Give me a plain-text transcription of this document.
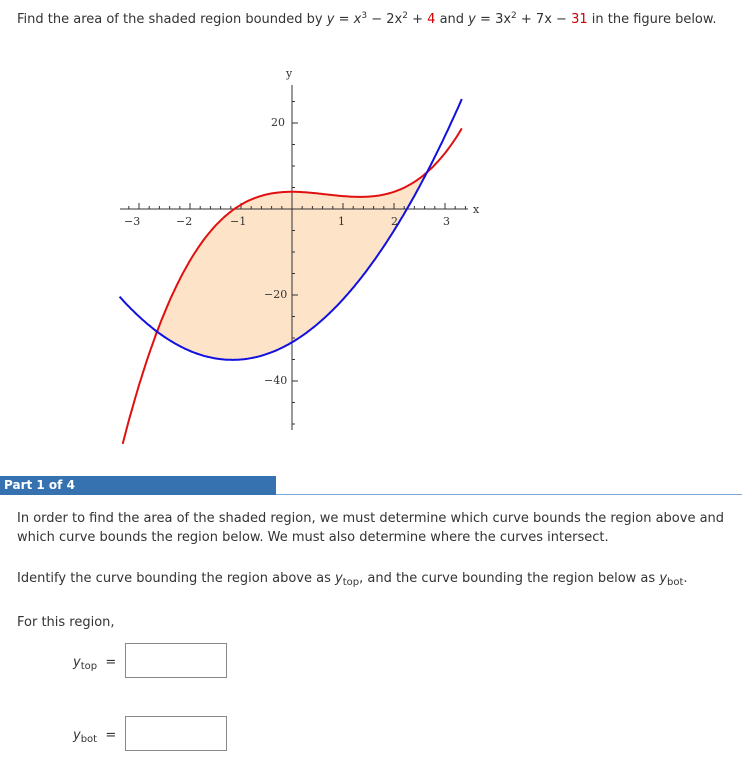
Find the area of the shaded region bounded by $y = x^3 - 2x^2 + 4$ and $y = 3x^2 + 7x - 31$ in the figure below.
y
x
−3	−2	−1	1	2	3
20
−20
−40
Part 1 of 4
In order to find the area of the shaded region, we must determine which curve bounds the region above and which curve bounds the region below. We must also determine where the curves intersect.
Identify the curve bounding the region above as $y_{top}$, and the curve bounding the region below as $y_{bot}$.
For this region,
$y_{top}$ =
$y_{bot}$ =
